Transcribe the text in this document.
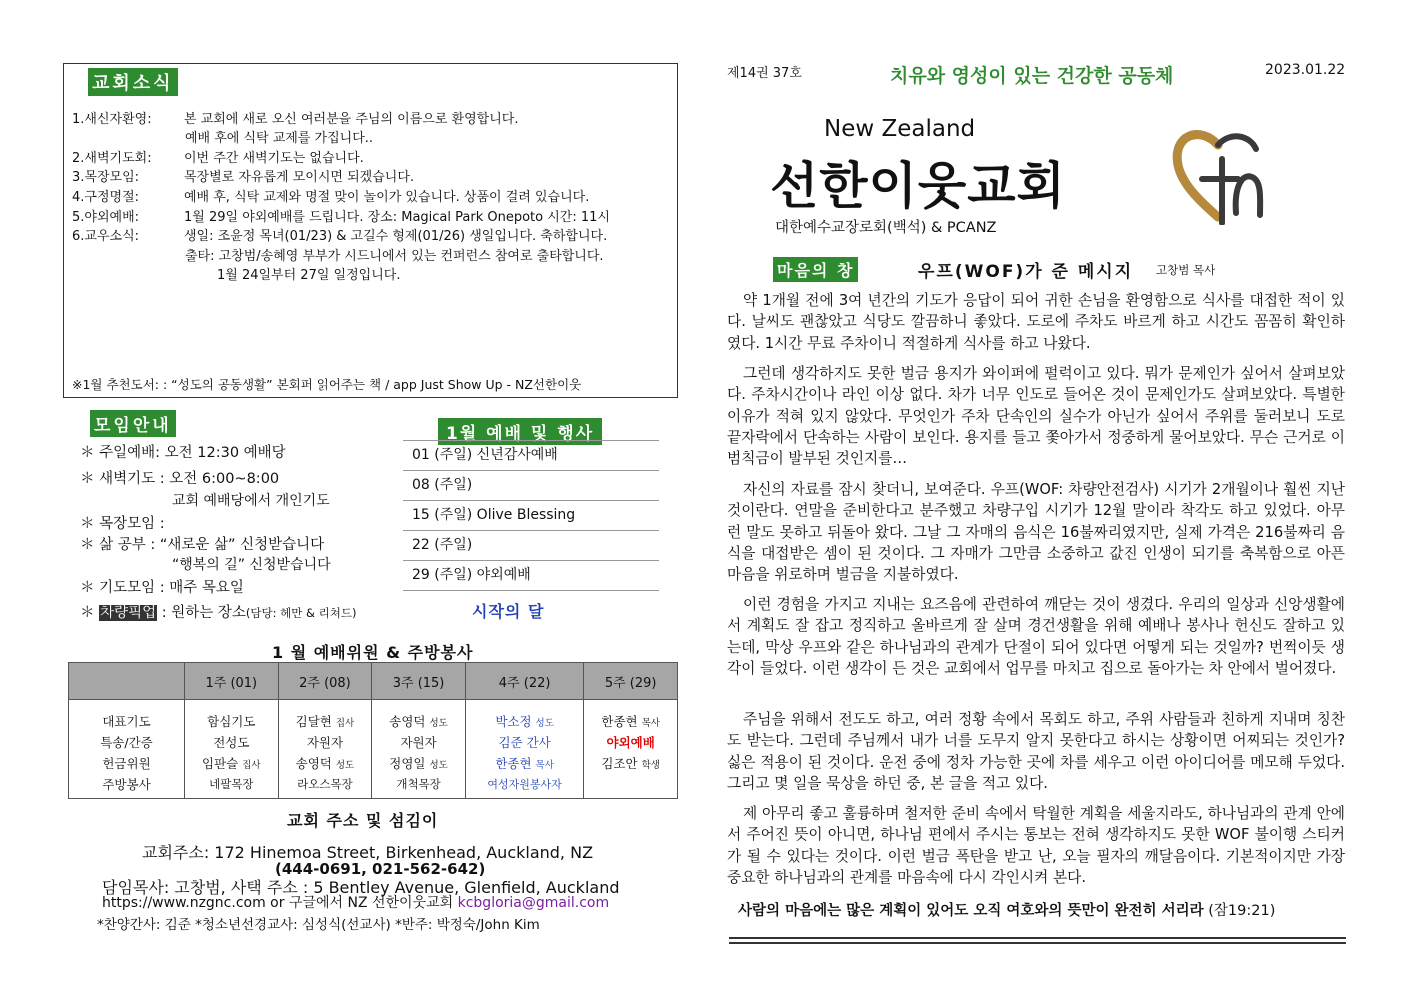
교회소식
1.새신자환영: 본 교회에 새로 오신 여러분을 주님의 이름으로 환영합니다.
예배 후에 식탁 교제를 가집니다..
2.새벽기도회: 이번 주간 새벽기도는 없습니다.
3.목장모임:	목장별로 자유롭게 모이시면 되겠습니다.
4.구정명절:	예배 후, 식탁 교제와 명절 맞이 놀이가 있습니다. 상품이 걸려 있습니다.
5.야외예배:	1월 29일 야외예배를 드립니다. 장소: Magical Park Onepoto 시간: 11시
6.교우소식:	생일: 조윤정 목녀(01/23) & 고길수 형제(01/26) 생일입니다. 축하합니다.
출타: 고창범/송혜영 부부가 시드니에서 있는 컨퍼런스 참여로 출타합니다.
1월 24일부터 27일 일정입니다.
※1월 추천도서: : “성도의 공동생활” 본회퍼 읽어주는 책 / app Just Show Up - NZ선한이웃
모임안내
＊ 주일예배: 오전 12:30 예배당
＊ 새벽기도 : 오전 6:00~8:00
교회 예배당에서 개인기도
＊ 목장모임 :
＊ 삶 공부 : “새로운 삶” 신청받습니다
“행복의 길” 신청받습니다
＊ 기도모임 : 매주 목요일
＊ 차량픽업 : 원하는 장소(담당: 헤만 & 리쳐드)
1월 예배 및 행사
01 (주일) 신년감사예배
08 (주일)
15 (주일) Olive Blessing
22 (주일)
29 (주일) 야외예배
시작의 달
1 월 예배위원 & 주방봉사
	1주 (01)	2주 (08)	3주 (15)	4주 (22)	5주 (29)
대표기도	함심기도	김달현 집사	송영덕 성도	박소정 성도	한종현 목사
특송/간증	전성도	자원자	자원자	김준 간사	야외예배
헌금위원	임판슬 집사	송영덕 성도	정영일 성도	한종현 목사	김조안 학생
주방봉사	네팔목장	라오스목장	개척목장	여성자원봉사자	
교회 주소 및 섬김이
교회주소: 172 Hinemoa Street, Birkenhead, Auckland, NZ
(444-0691, 021-562-642)
담임목사: 고창범, 사택 주소 : 5 Bentley Avenue, Glenfield, Auckland
https://www.nzgnc.com or 구글에서 NZ 선한이웃교회 kcbgloria@gmail.com
*찬양간사: 김준 *청소년선경교사: 심성식(선교사) *반주: 박정숙/John Kim
제14권 37호	치유와 영성이 있는 건강한 공동체	2023.01.22
New Zealand
선한이웃교회
대한예수교장로회(백석) & PCANZ
마음의 창	우프(WOF)가 준 메시지 고창범 목사

약 1개월 전에 3여 년간의 기도가 응답이 되어 귀한 손님을 환영함으로 식사를 대접한 적이 있다. 날씨도 괜찮았고 식당도 깔끔하니 좋았다. 도로에 주차도 바르게 하고 시간도 꼼꼼히 확인하였다. 1시간 무료 주차이니 적절하게 식사를 하고 나왔다.

그런데 생각하지도 못한 벌금 용지가 와이퍼에 펄럭이고 있다. 뭐가 문제인가 싶어서 살펴보았다. 주차시간이나 라인 이상 없다. 차가 너무 인도로 들어온 것이 문제인가도 살펴보았다. 특별한 이유가 적혀 있지 않았다. 무엇인가 주차 단속인의 실수가 아닌가 싶어서 주위를 둘러보니 도로 끝자락에서 단속하는 사람이 보인다. 용지를 들고 쫓아가서 정중하게 물어보았다. 무슨 근거로 이 범칙금이 발부된 것인지를…

자신의 자료를 잠시 찾더니, 보여준다. 우프(WOF: 차량안전검사) 시기가 2개월이나 훨씬 지난 것이란다. 연말을 준비한다고 분주했고 차량구입 시기가 12월 말이라 착각도 하고 있었다. 아무런 말도 못하고 뒤돌아 왔다. 그날 그 자매의 음식은 16불짜리였지만, 실제 가격은 216불짜리 음식을 대접받은 셈이 된 것이다. 그 자매가 그만큼 소중하고 값진 인생이 되기를 축복함으로 아픈 마음을 위로하며 벌금을 지불하였다.

이런 경험을 가지고 지내는 요즈음에 관련하여 깨닫는 것이 생겼다. 우리의 일상과 신앙생활에서 계획도 잘 잡고 정직하고 올바르게 잘 살며 경건생활을 위해 예배나 봉사나 헌신도 잘하고 있는데, 막상 우프와 같은 하나님과의 관계가 단절이 되어 있다면 어떻게 되는 것일까? 번쩍이듯 생각이 들었다. 이런 생각이 든 것은 교회에서 업무를 마치고 집으로 돌아가는 차 안에서 벌어졌다.

주님을 위해서 전도도 하고, 여러 정황 속에서 목회도 하고, 주위 사람들과 친하게 지내며 칭찬도 받는다. 그런데 주님께서 내가 너를 도무지 알지 못한다고 하시는 상황이면 어찌되는 것인가? 싫은 적용이 된 것이다. 운전 중에 정차 가능한 곳에 차를 세우고 이런 아이디어를 메모해 두었다. 그리고 몇 일을 묵상을 하던 중, 본 글을 적고 있다.

제 아무리 좋고 훌륭하며 철저한 준비 속에서 탁월한 계획을 세울지라도, 하나님과의 관계 안에서 주어진 뜻이 아니면, 하나님 편에서 주시는 통보는 전혀 생각하지도 못한 WOF 불이행 스티커가 될 수 있다는 것이다. 이런 벌금 폭탄을 받고 난, 오늘 필자의 깨달음이다. 기본적이지만 가장 중요한 하나님과의 관계를 마음속에 다시 각인시켜 본다.

사람의 마음에는 많은 계획이 있어도 오직 여호와의 뜻만이 완전히 서리라 (잠19:21)
